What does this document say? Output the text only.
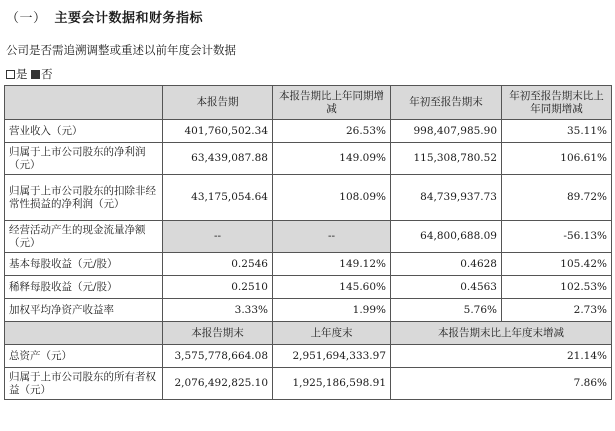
（一） 主要会计数据和财务指标
公司是否需追溯调整或重述以前年度会计数据
是 否
	本报告期	本报告期比上年同期增减	年初至报告期末	年初至报告期末比上年同期增减
营业收入（元）	401,760,502.34	26.53%	998,407,985.90	35.11%
归属于上市公司股东的净利润（元）	63,439,087.88	149.09%	115,308,780.52	106.61%
归属于上市公司股东的扣除非经常性损益的净利润（元）	43,175,054.64	108.09%	84,739,937.73	89.72%
经营活动产生的现金流量净额（元）	--	--	64,800,688.09	-56.13%
基本每股收益（元/股）	0.2546	149.12%	0.4628	105.42%
稀释每股收益（元/股）	0.2510	145.60%	0.4563	102.53%
加权平均净资产收益率	3.33%	1.99%	5.76%	2.73%
	本报告期末	上年度末	本报告期末比上年度末增减	
总资产（元）	3,575,778,664.08	2,951,694,333.97	21.14%	
归属于上市公司股东的所有者权益（元）	2,076,492,825.10	1,925,186,598.91	7.86%	
